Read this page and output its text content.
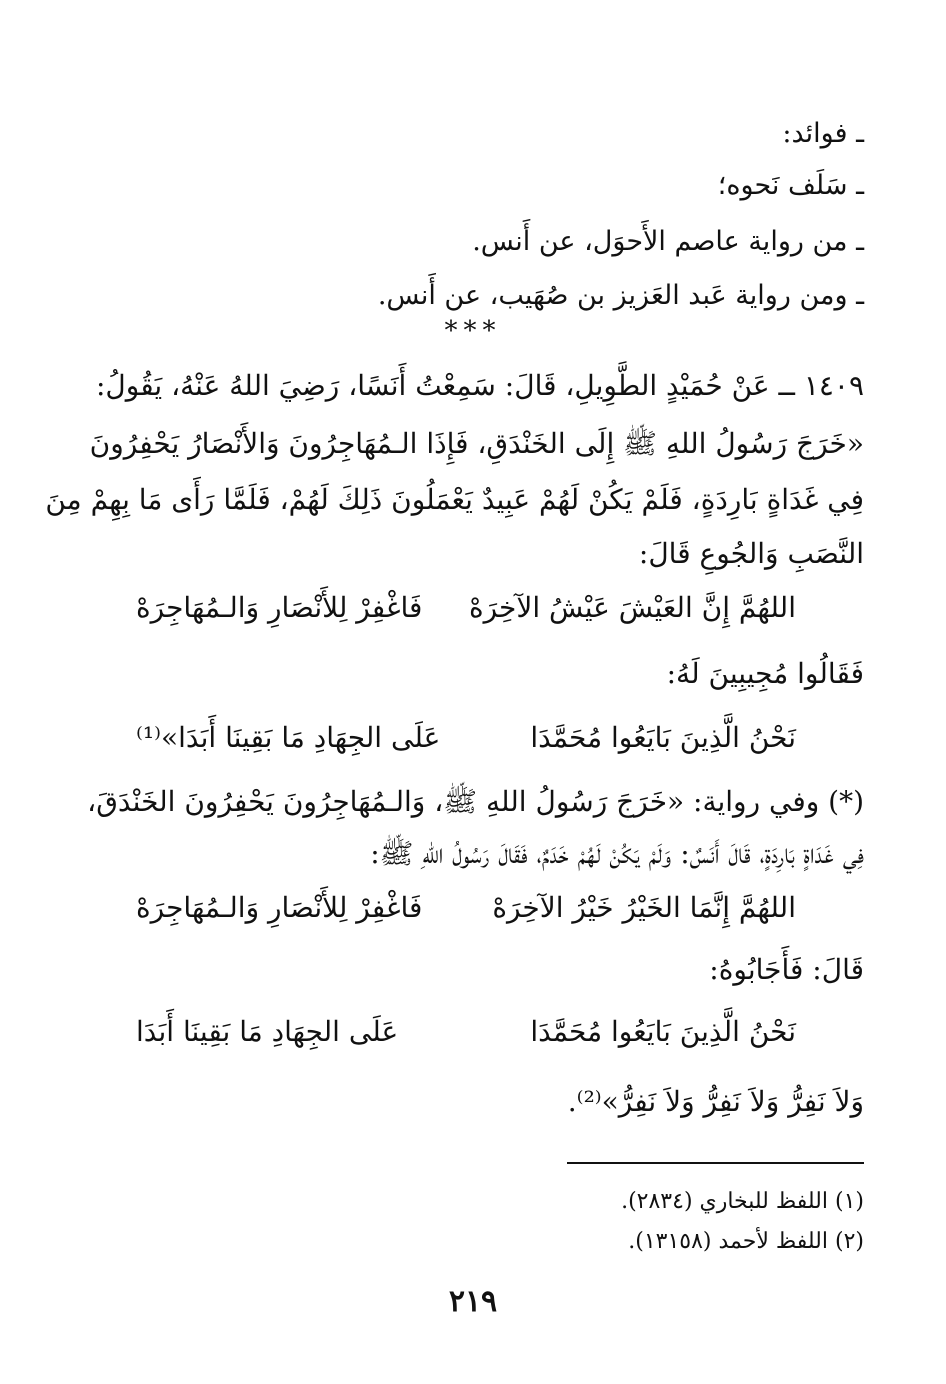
ـ فوائد:
ـ سَلَف نَحوه؛
ـ من رواية عاصم الأَحوَل، عن أَنس.
ـ ومن رواية عَبد العَزيز بن صُهَيب، عن أَنس.
***
١٤٠٩ ــ عَنْ حُمَيْدٍ الطَّوِيلِ، قَالَ: سَمِعْتُ أَنَسًا، رَضِيَ اللهُ عَنْهُ، يَقُولُ:
«خَرَجَ رَسُولُ اللهِ ﷺ إِلَى الخَنْدَقِ، فَإِذَا الـمُهَاجِرُونَ وَالأَنْصَارُ يَحْفِرُونَ
فِي غَدَاةٍ بَارِدَةٍ، فَلَمْ يَكُنْ لَهُمْ عَبِيدٌ يَعْمَلُونَ ذَلِكَ لَهُمْ، فَلَمَّا رَأَى مَا بِهِمْ مِنَ
النَّصَبِ وَالجُوعِ قَالَ:
اللهُمَّ إِنَّ العَيْشَ عَيْشُ الآخِرَهْ
فَاغْفِرْ لِلأَنْصَارِ وَالـمُهَاجِرَهْ
فَقَالُوا مُجِيبِينَ لَهُ:
نَحْنُ الَّذِينَ بَايَعُوا مُحَمَّدَا
عَلَى الجِهَادِ مَا بَقِينَا أَبَدَا»⁽¹⁾
(*) وفي رواية: «خَرَجَ رَسُولُ اللهِ ﷺ، وَالـمُهَاجِرُونَ يَحْفِرُونَ الخَنْدَقَ،
فِي غَدَاةٍ بَارِدَةٍ، قَالَ أَنَسٌ: وَلَمْ يَكُنْ لَهُمْ خَدَمٌ، فَقَالَ رَسُولُ اللهِ ﷺ:
اللهُمَّ إِنَّمَا الخَيْرُ خَيْرُ الآخِرَهْ
فَاغْفِرْ لِلأَنْصَارِ وَالـمُهَاجِرَهْ
قَالَ: فَأَجَابُوهُ:
نَحْنُ الَّذِينَ بَايَعُوا مُحَمَّدَا
عَلَى الجِهَادِ مَا بَقِينَا أَبَدَا
وَلاَ نَفِرُّ وَلاَ نَفِرُّ وَلاَ نَفِرُّ»⁽²⁾.
(١) اللفظ للبخاري (٢٨٣٤).
(٢) اللفظ لأحمد (١٣١٥٨).
٢١٩
